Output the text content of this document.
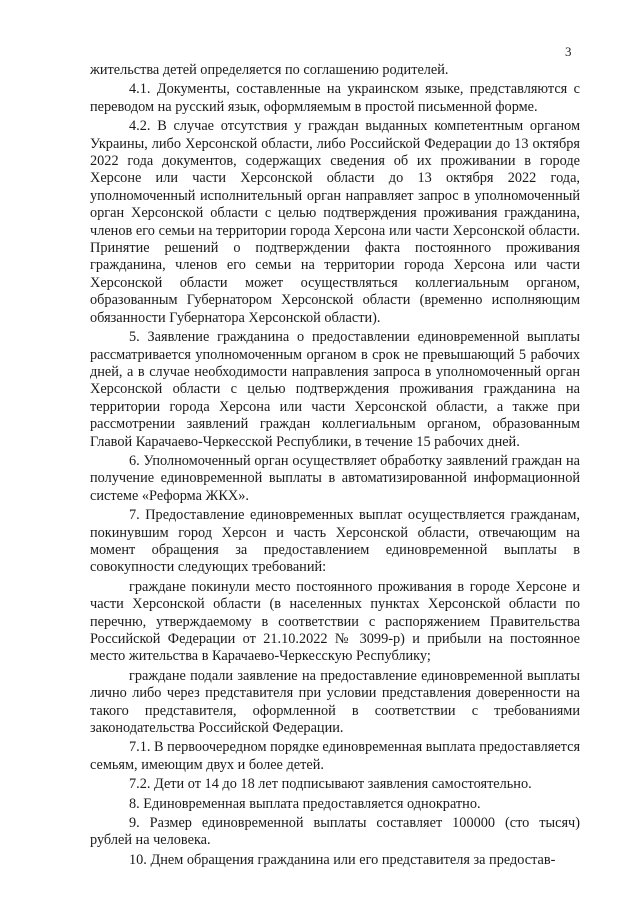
3

жительства детей определяется по соглашению родителей.

4.1. Документы, составленные на украинском языке, представляются с переводом на русский язык, оформляемым в простой письменной форме.

4.2. В случае отсутствия у граждан выданных компетентным органом Украины, либо Херсонской области, либо Российской Федерации до 13 октября 2022 года документов, содержащих сведения об их проживании в городе Херсоне или части Херсонской области до 13 октября 2022 года, уполномоченный исполнительный орган направляет запрос в уполномоченный орган Херсонской области с целью подтверждения проживания гражданина, членов его семьи на территории города Херсона или части Херсонской области. Принятие решений о подтверждении факта постоянного проживания гражданина, членов его семьи на территории города Херсона или части Херсонской области может осуществляться коллегиальным органом, образованным Губернатором Херсонской области (временно исполняющим обязанности Губернатора Херсонской области).

5. Заявление гражданина о предоставлении единовременной выплаты рассматривается уполномоченным органом в срок не превышающий 5 рабочих дней, а в случае необходимости направления запроса в уполномоченный орган Херсонской области с целью подтверждения проживания гражданина на территории города Херсона или части Херсонской области, а также при рассмотрении заявлений граждан коллегиальным органом, образованным Главой Карачаево-Черкесской Республики, в течение 15 рабочих дней.

6. Уполномоченный орган осуществляет обработку заявлений граждан на получение единовременной выплаты в автоматизированной информационной системе «Реформа ЖКХ».

7. Предоставление единовременных выплат осуществляется гражданам, покинувшим город Херсон и часть Херсонской области, отвечающим на момент обращения за предоставлением единовременной выплаты в совокупности следующих требований:

граждане покинули место постоянного проживания в городе Херсоне и части Херсонской области (в населенных пунктах Херсонской области по перечню, утверждаемому в соответствии с распоряжением Правительства Российской Федерации от 21.10.2022 № 3099-р) и прибыли на постоянное место жительства в Карачаево-Черкесскую Республику;

граждане подали заявление на предоставление единовременной выплаты лично либо через представителя при условии представления доверенности на такого представителя, оформленной в соответствии с требованиями законодательства Российской Федерации.

7.1. В первоочередном порядке единовременная выплата предоставляется семьям, имеющим двух и более детей.

7.2. Дети от 14 до 18 лет подписывают заявления самостоятельно.

8. Единовременная выплата предоставляется однократно.

9. Размер единовременной выплаты составляет 100000 (сто тысяч) рублей на человека.

10. Днем обращения гражданина или его представителя за предостав-
